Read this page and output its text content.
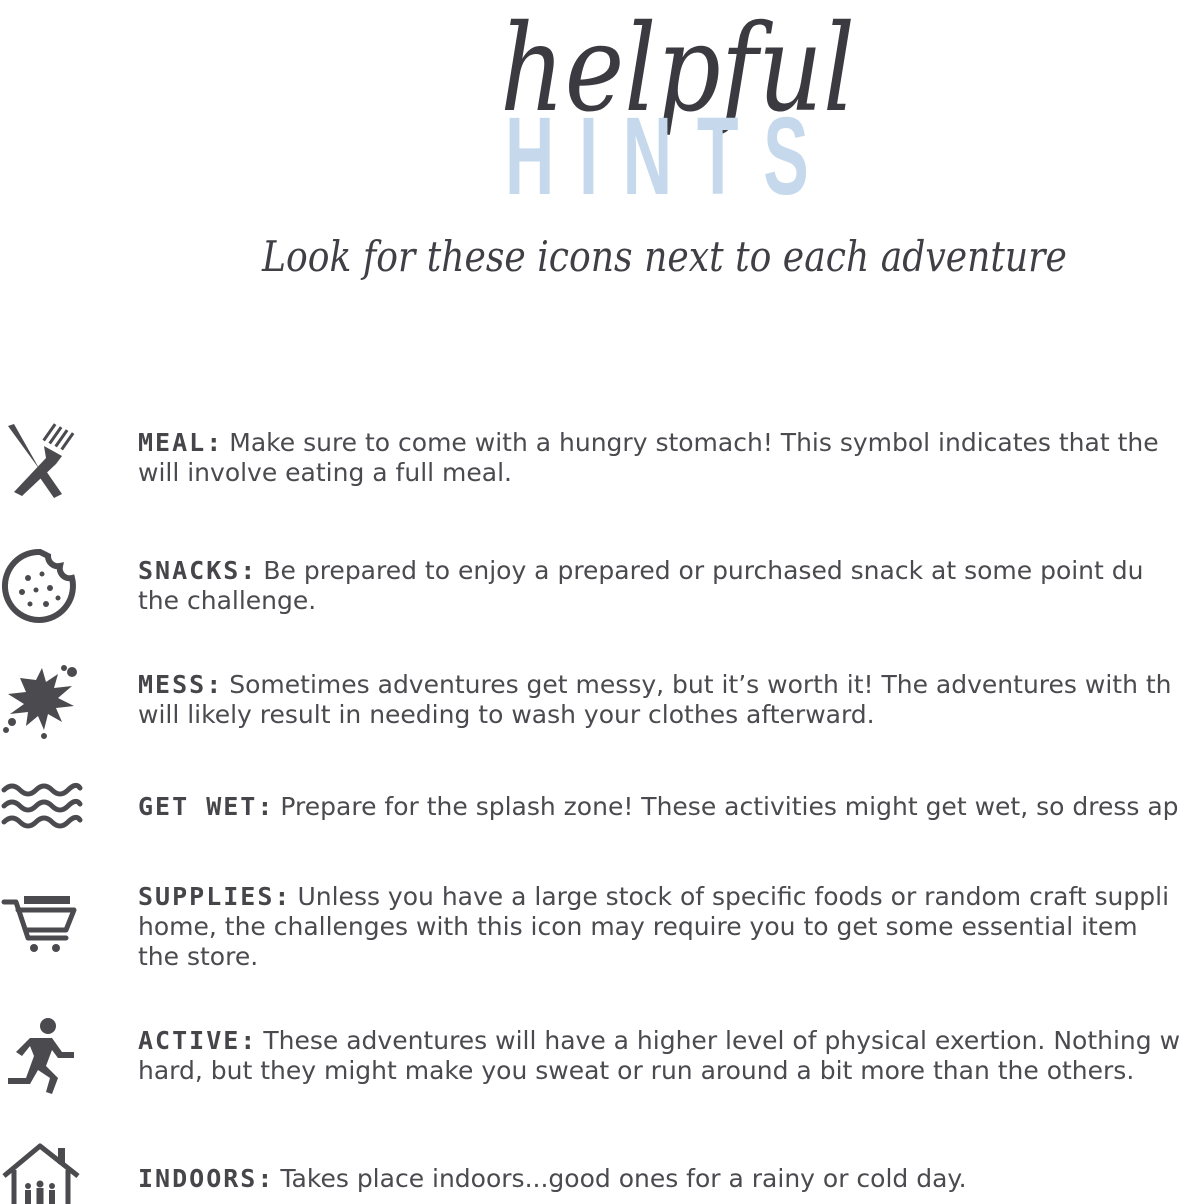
helpful
HINTS
Look for these icons next to each adventure
MEAL: Make sure to come with a hungry stomach! This symbol indicates that the
will involve eating a full meal.
SNACKS: Be prepared to enjoy a prepared or purchased snack at some point du
the challenge.
MESS: Sometimes adventures get messy, but it’s worth it! The adventures with th
will likely result in needing to wash your clothes afterward.
GET WET: Prepare for the splash zone! These activities might get wet, so dress ap
SUPPLIES: Unless you have a large stock of specific foods or random craft suppli
home, the challenges with this icon may require you to get some essential item
the store.
ACTIVE: These adventures will have a higher level of physical exertion. Nothing w
hard, but they might make you sweat or run around a bit more than the others.
INDOORS: Takes place indoors...good ones for a rainy or cold day.
